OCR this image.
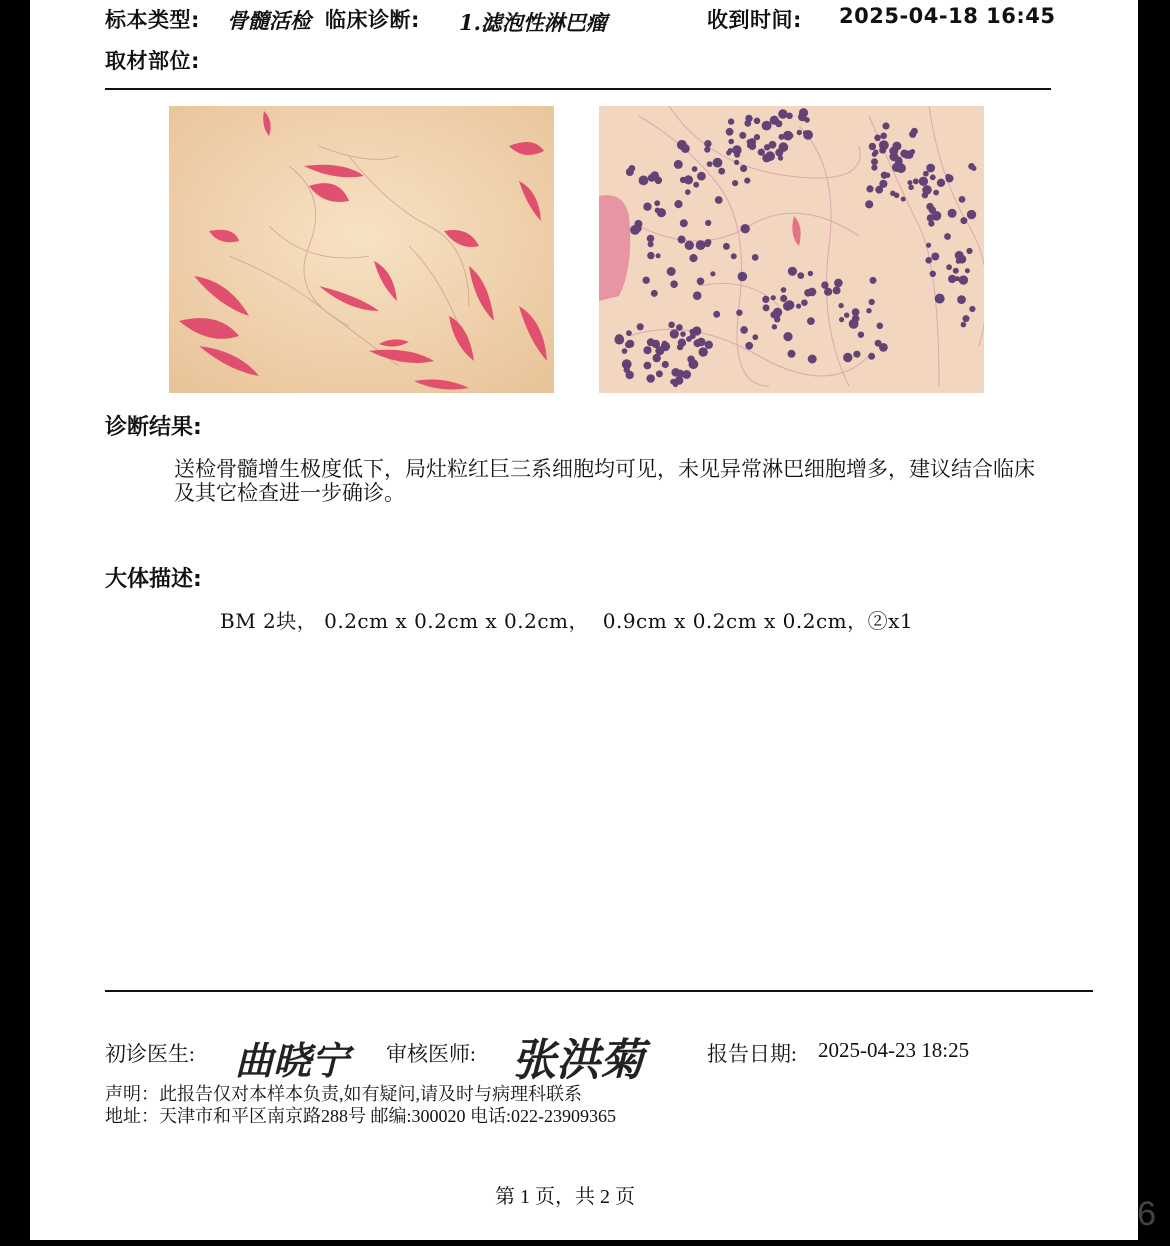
标本类型: 骨髓活检 临床诊断: 1.滤泡性淋巴瘤	收到时间: 2025-04-18 16:45
取材部位:
诊断结果:
送检骨髓增生极度低下，局灶粒红巨三系细胞均可见，未见异常淋巴细胞增多，建议结合临床及其它检查进一步确诊。
大体描述:
BM 2块， 0.2cm x 0.2cm x 0.2cm，  0.9cm x 0.2cm x 0.2cm，②x1
初诊医生: 曲晓宁 审核医师: 张洪菊	报告日期: 2025-04-23 18:25
声明：此报告仅对本样本负责,如有疑问,请及时与病理科联系
地址：天津市和平区南京路288号 邮编:300020 电话:022-23909365
第 1 页，共 2 页	6
